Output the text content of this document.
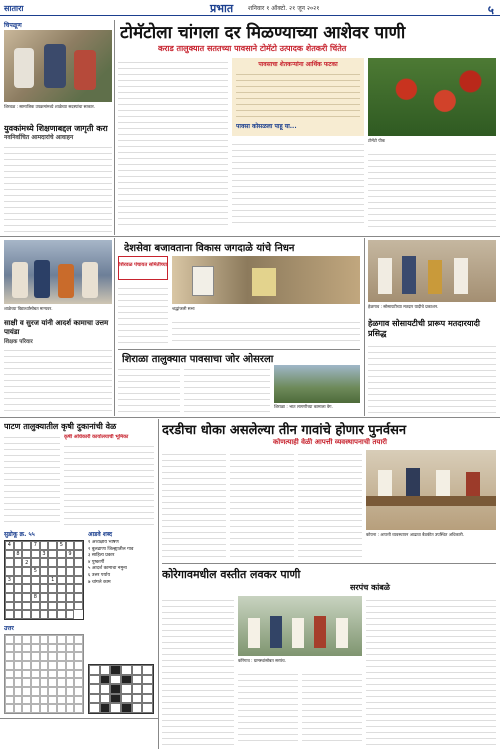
सातारा	प्रभात शनिवार १ ऑक्टो. २१ जून २०२१	५
चिपळूण
शिरवळ : सामाजिक उपक्रमांमध्ये शाळेच्या सदस्यांचा सत्कार.
युवकांमध्ये शिक्षणाबद्दल जागृती करा
नवनिर्वाचित आमदारांचे आवाहन
टोमॅटोला चांगला दर मिळण्याच्या आशेवर पाणी
कराड तालुक्यात सततच्या पावसाने टोमॅटो उत्पादक शेतकरी चिंतेत
पावसाचा शेतकऱ्यांना आर्थिक फटका
पावसा कोसळला पाहू या...
टोमॅटो पीक
शाळेच्या विद्यार्थ्यांसोबत मान्यवर.
साक्षी व सुरज यांनी आदर्श कामाचा उत्तम पायंडा
शिक्षक परिवार
देशसेवा बजावताना विकास जगदाळे यांचे निधन
शिरवळ पंचायत समितीच्या
श्रद्धांजली सभा	हेळगाव : सोसायटीच्या मतदार यादीचे प्रकाशन.
हेळगाव सोसायटीची प्रारूप मतदारयादी प्रसिद्ध
शिराळा तालुक्यात पावसाचा जोर ओसरला
शिराळा : भात लागणीच्या कामाला वेग.
पाटण तालुक्यातील कृषी दुकानांची वेळ
कृषी अधिकारी कार्यालयाची भूमिका	दरडीचा धोका असलेल्या तीन गावांचे होणार पुनर्वसन
कोणत्याही वेळी आपत्ती व्यवस्थापनाची तयारी
कोयना : आपत्ती व्यवस्थापन आढावा बैठकीत उपस्थित अधिकारी.
सुडोकू क्र. ५५
4	7	5
8	3	9
2
5
3	1
8
उत्तर
आडवे शब्द
१ अध्यक्षीय भाषण
२ बुलढाणा जिल्ह्यातील गाव
३ साहित्य प्रकार
४ पुष्कर्णी
५ आदर्श कामाचा नमुना
६ उत्तर पर्याय
७ चांगले काम
कोरेगावमधील वस्तीत लवकर पाणी
सरपंच कांबळे
कोरेगाव : ग्रामस्थांसोबत सरपंच.
